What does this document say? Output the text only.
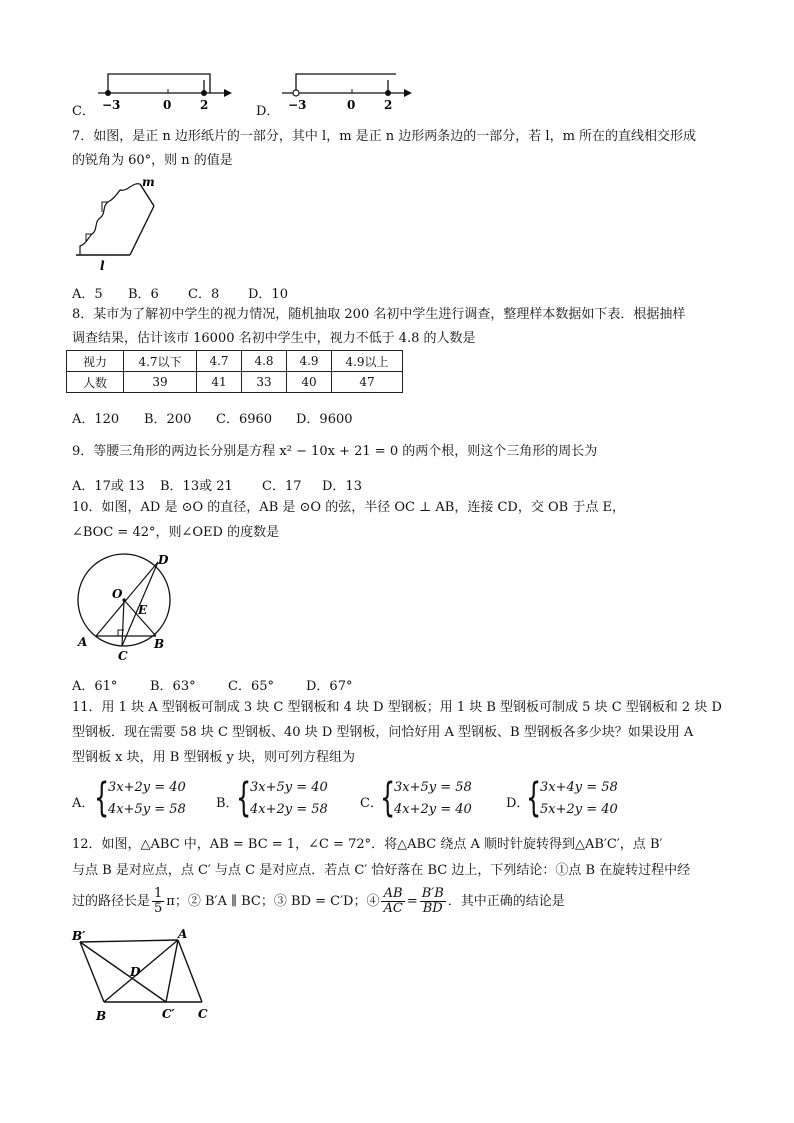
C． −3	0 2	D． −3	0 2
7．如图，是正 n 边形纸片的一部分，其中 l，m 是正 n 边形两条边的一部分，若 l，m 所在的直线相交形成
的锐角为 60°，则 n 的值是
m
l
A．5 B．6 C．8 D．10
8．某市为了解初中学生的视力情况，随机抽取 200 名初中学生进行调查，整理样本数据如下表．根据抽样
调查结果，估计该市 16000 名初中学生中，视力不低于 4.8 的人数是
视力	4.7以下	4.7	4.8	4.9	4.9以上
人数	39	41	33	40	47
A．120 B．200 C．6960 D．9600
9．等腰三角形的两边长分别是方程 x² − 10x + 21 = 0 的两个根，则这个三角形的周长为
A．17或 13 B．13或 21 C．17 D．13
10．如图，AD 是 ⊙O 的直径，AB 是 ⊙O 的弦，半径 OC ⊥ AB，连接 CD，交 OB 于点 E，
∠BOC = 42°，则∠OED 的度数是
O
D
E
A	B
C
A．61°	B．63° C．65° D．67°
11．用 1 块 A 型钢板可制成 3 块 C 型钢板和 4 块 D 型钢板；用 1 块 B 型钢板可制成 5 块 C 型钢板和 2 块 D
型钢板．现在需要 58 块 C 型钢板、40 块 D 型钢板，问恰好用 A 型钢板、B 型钢板各多少块？如果设用 A
型钢板 x 块，用 B 型钢板 y 块，则可列方程组为
A． {
3x+2y = 40
4x+5y = 58 B．
{
3x+5y = 40
4x+2y = 58 C．
{
3x+5y = 58
4x+2y = 40	D．
{
3x+4y = 58
5x+2y = 40
12．如图，△ABC 中，AB = BC = 1，∠C = 72°．将△ABC 绕点 A 顺时针旋转得到△AB′C′，点 B′
与点 B 是对应点，点 C′ 与点 C 是对应点．若点 C′ 恰好落在 BC 边上，下列结论：①点 B 在旋转过程中经
过的路径长是 $\frac{1}{5}$ π；② B′A ∥ BC；③ BD = C′D；④ $\frac{AB}{AC} = \frac{B'B}{BD}$ ．其中正确的结论是
B′	A
D
B	C′ C
